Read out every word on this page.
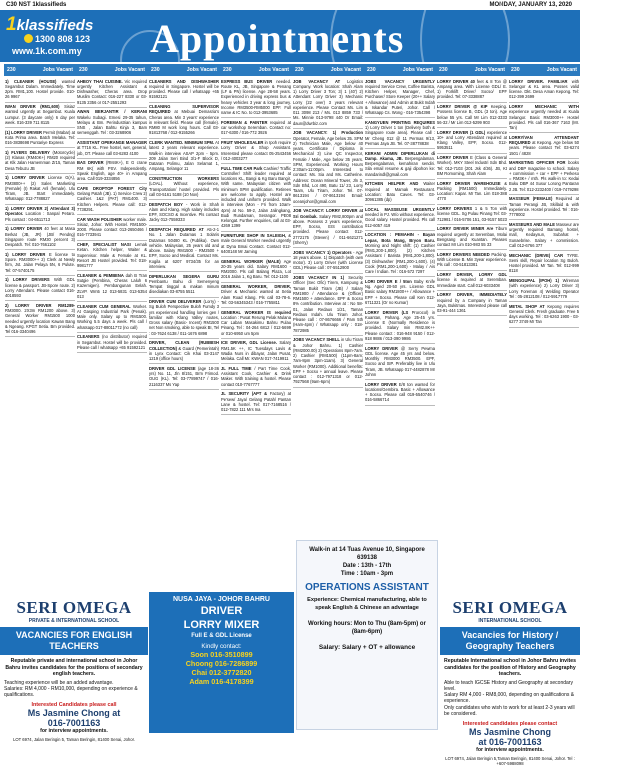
C30 NST 1klassifieds	MONDAY, JANUARY 13, 2020
1klassifieds
1300 808 123
www.1k.com.my Appointments
230	Jobs Vacant
1) CLEANER (HOUSE) wanted Segambut Dalam. Immediately. Time 2pm. RM1,100. Hostel provide. 010-26 9967
IWAN DRIVER (RM1,600) Sisiaz wanted urgently at Segambut. Kuala Lumpur. (3 daycare only) 6 day per week. 016-339 711 8115
(1) LORRY DRIVER Permit (Mabar) at Kota Prima area. Batch Melaka. Tel: 016-3838698 Puntariye Express
1) FLYERS DELIVERY (Motorcycle) (2) Klanas (RM40K+) RM20 required at Klk Jalan Hamemman Zr15, Taman Desa Tebuzu JB
1) LORRY DRIVER License G(A), RM3800++ (2) Sales Marketing (Female) (I) Rakat Aril (female). Ulu Tiram, JB. Start immediately. Whatsapp: 012-7788827
1) LORRY DRIVER 2) Attendant 3) Operator. Location : Sanpal Petaro. Pls contact : 04-6511713
1) LORRY DRIVER 40 feet at Masa Berkat (JB, JR) (JB/ Pendng) Singapore route RM30 percent 3) Despatch. Tel: 010-7661102
1) LORRY DRIVER E license to Spore. RM3000++ 2) Clerk at Newly firm, Jst. Jalan Pelaya 5N, 6 Pulute. Tel: 07-5740175
1) LORRY DRIVERS With GDL license & passport. JB-Spore route. 2) Lorry Attendant. Please contact 016-4018593
2) LORRY DRIVER RM1289- RM3000. 2X3m RM1200 above. 3) General Worker RM1500 1000 needed urgently location Kawan Bang & Ngeang. KPGT Setia. Bm provided. Tel 016-3340496
230	Jobs Vacant
AHBOY THAI CUISINE. Vic required urgently Kitchen Assistant & Dishwasher, Cheras area. Drop Muslim Contact: 016-227 8330 or 03-9135 2356 or 017-2551293
AWAN BERJANTIR / KERANI Wakelu Subagi. Emesi 29-35 tahun, Melayu & Bm. Perindustrian kampus SNS , Jalan Bahtu Kinja 3, Bam semenggah. Tel : 03-3268906
ASSISTANT OPERANGE MANAGER at T716 KL. Free hostel, wet, general, job, OT. Please call 03-6283 4100
BAS DRIVER (RM4K+), E G crane RM 6K( with PSV. Independently. Speak English, age 40+ in Ampang area. Call 019-3334856
CAFE DROPTOP FOREST City Gelang Patah (JB). 1) Service Crew 2) Cashier. 1&2 (PAT) RM1400. 3) Kitchen Helpers. Please call: 012-7738291.
CAR WASH POLISHER worker male. Sisiaz, Johor. With Hostel. RM1500-2000. Please contact 013-2650466 / 016-7733941
CHEF, SPECIALIST NASI Lemak Ketan. Kitchen helper, Waiter & Supervisor. Male & Female at KL. Resort JB Hostel provided. Tel: 018-9981777
CLEANER & PEMBENA dah B Tran Sutgie (Pembina, Cheras Laluh 6 Kazemigen). Pembangunan Eelah. ZLVP. Wm5 12 013-5831 013-5354 013
CLEANER CUM GENERAL Worker. At Gasping Industrial Park (Penak). Male only. Salary up to RM1500. Working 5.5 days a week. Pls call / whatsapp 017-88011772 (no call)
CLEANERS (no distributor) required in Segambut. Hostel will be provided. Please call / whatsapp +65 91592121
230	Jobs Vacant
CLEANERS AND DISHWASHER required in Singapore. Hostel will be provided. Please call / whatsapp +65 91592121
CLEANING SUPERVISOR REQUIRED at Mebuai Demasria's Cheras area. Min 3 years' experience in relevant field. Please call (female). RM80 M work long hours. Call 03-91813768 / 012-9155266
CLERK WANTED. MINIMUM SPM. At latest 2 years relevant experience. Walk-in interview ASAP 2pm - 5pm. 209 Jalan Seri Bind 3/1-F Block D, Dataran Polimu, Jalan Selamat 1, Ampang, Selangor 11
CONSTRUCTION WORKERS (LOAL). Without experience, Transportation/ hostel provided. Pls call 03-5161 5188 (10 Nov)
DESPATCH BOY - Work in Shah Alam and Klang. High salary includes EPF, SOCSO & Incentive. Pls contact Jacky 012-7559333
DESPATCH REQUIRED AT A5-2-1 No. 1 Jalan Dutamas 1 Solaris Dutamas 50480 KL (Publika). Own vehicle. Malaysian, 25 years old and above. Salary RM1500 - RM2500 + EPF, Socso and Medical. Contact Ms. Kogila at 6207 9734/35 for an interview.
DIPERLUKAN SEGERA GURU Pembantu Bahu di Semenyeng Tempat tinggal & makan minum disediakan 03-8755 5511
DRIVER CUM DELIVERER (Lorry) - Sg Buloh Perspective Buloh Fumdy 3 yrs experienced handling lorries gen / familiar with Klang Valley routes, Gross salary (Basic- Incent) RM1500 net Non smoking, able to speak BI, Tel : 03-7624 6138 / 011-1676 6898
DRIVER, CLEAN (RUBBISH COLLECTION) & Guard (Pemerintah) in Lynx Contact: Cik Khai 03-3147 1219 (office hours)
DRIVER GDL LICENSE (age 18-36 yrs) No. 11, Jln 8/151, Brm Frimod. OUG (KL). Tel: 03-77899747 / 016-2116337 Ms Yap
230	Jobs Vacant
EXPRESS BUS DRIVER needed. Route KL, JB, Singapore & Penang (LF & PN) license. Age 28-58 years. Experienced in driving express bus & heavy vehicles 3 year & long journey. Income RM3500-RM5000 EPF. Full name & IC No. to 012-3953685
FOREMAN & PAINTER required at car workshop Seremban. Contact no: 017-6300 / 016-772 3926
FRUIT WHOLESALER in Ipoh require Lorry Driver & Shop Assistant. Interested please contact 05-2543456 / 012-4003277
FULL TIME CAR Park Cashier/ Traffic Controller/ Shift leader required at locations KL, Bangi & Kg Baru Bangir. With same. Malaysian citizen with minimum SPM qualification. Retirees are welcome to apply. Hostel are included and uniform provided. Walk in interview (Mon - Fri from 10am-4pm) at No. 59-2, Jalan Jalingkang, Budi Rundaman, Serangor. PE08 Kelongat. Further enquiries, call at 03-4269 1399
FURNITURE SHOP IN SALEIGH, & male General Worker needed urgently at Dyna Bmai Contact. Contact 012-6400148 Mr Jaming
GENERAL WORKER (MALE) Age 20-35 years old. Salary RM1600 - RM2000. Pls call Balang Plaza, Lot 2016 Jalan 1, Kg Baru. Tel: 012-1100
GENERAL WORKER, DRIVER, Driver & Mechanic wanted at Setia Alam Road Klang. Pls call 03-78-6. Tel: 03-56345343 / 016-7755811
GENERAL WORKER IS required Location : Pusat Rerung Pelak Mulana Car Laban Masakimu Bahru Pulau Pinang. Tel : 04-264 6812 / 012-5699 or 010-6950 um 5pm
ICE DRIVER, GDL License. Salary RM1.5K ++, IC Tuesdays Lavis & Wadia Nurs in dibayar, Jalan Pusat, Melaka. Call Mr. KWAN 017-7419911
JL FULL TIME / Part Time Cook, Assistant Cook, Cashier & Drink Maker. With training & hostel. Please contact 010-7767777
JL SECURITY (APT & Factory) at Pe'sew/ Jaya/ Gelang Patah/ Pantan Lane & hostel. Tel: 017-7168516 / 012-7822 111 Mrs Ina
230	Jobs Vacant
JOB VACANCY AT Logistics Company. Work location: Shah Alam 1) Lorry Driver 3 Ton; 3) 1 (40') 2) Attendant Lorry Driver 3) Mechanic Lorry (22 over) 3 years relevant experience. Please Contact Ms. Lim 011 3098 213 / Ms. 013 8859 733 / Ms. Minnie 013-9798 440 Or Email: daun@dwrbiz.com
JOB VACANCY: 1) Production Operator, Female, Age below 35. SPM 2) Technician Male, Age below 40 years. Certificate / Diploma in Mechanical 3) Line QC Inspector, Female / Male, Age below 35 years. SPM, Experienced. Working Hours 2:30am-11:00pm. Interested to contact: Ms. Sia and Ms. Catherine. Address: Ocean Mineral Tower, Jln 3, Sdn Bhd, Lot 490, Batu 11/ 23, Lorry Taam, Ulu Tiram, Johor. Tel. 07-8613194 / 07-8613194 Email: oceanjohor@gmail.com
JOB VACANCY: LORRY DRIVER at Sri Gombak. Salary RM2,800pm and above. Possess 2 years experience, EPF, Socso, EIS contribution provided. Please contact 012-2772175 (Steven) / 011-6621271 (Sherry)
JOBS VACANCY 1) Operators - Age 18 years above. 1) Dispatch (with own motor). 3) Lorry Driver (with License GDL) Please call : 07-5512900
JOBS VACANCY IN 1) Security Officer (Sec Ofic) Tirem, Kampung & Taman Bukit Tiram (JB) / Salary RM1900 / Attendance & (Officer) RM1500 + attendance. EPF & Socso 8% contribution. Interview at : No 58-01, Jalan Redaus 1/21, Taman Redaus Indah. Ulu Tiram Johor. Please call : 07-8676666 / Pam 5th (Ham-4pm) / Whatsapp only : 018-7872985
JOBS VACANCY SHELL in Ulu Tiram & Johor Bahru. 1) Cashier (RM2000.00) 2) Operations 8pm-7am. 2) Cashier (RM1500) (11pm-8am; 7am-8pm 3pm-11am). 3) General Worker (RM1000). Additional benefits: EPF + Socso + annual leave. Please contact : 012-7971318 or 012-7927568 (9am-6pm)
230	Jobs Vacant
JOBS VACANCY URGENTLY required Service Crew, Coffee Barista, Kitchen Helper, Manager, Chef, Purchaser/ Store Keeper (20++ Salary + Allowance) and Admin at Bukit Indah & Iskandar Puteri, Johor. Call / Whatsapp Cs. Wong - 016-7354398
KANGYUEN PRINTING REQUIRES 1) Lorry Driver 1 ton (Delivery both & Singapore route area). Please call : Mr Cheng 012 @ 11 Permas 9/13, Permas Jaya JB. Tel. 07-38778838
KERANI ADMIN DIPERLUKAN di Damp. Akama, JB. Berpengalaman. Berpengalaman, kemahiran sendiri. Sila email resume & gaji dipohon ke: mandarindl@gmail.com
KITCHEN HELPER AND Waiter required at Mamak Restaurant. Location: Batu Caves. Tel: 03-30961385 (dp)
LOCAL MASSEUSE URGENTLY needed in PJ. W/o without experience. Good salary. Hostel provided. Pls call 012-6057 419
LOCATION : PEMAHIN - Bayan Lepas, Bota Mang, Bryon Baru. Morning and Night shift: (1) Cashier (RM1,200-1,800). (2) Kitchen Assistant / Barista (RM1,200-1,800). (3) Dishwasher (RM1,200-1,600). (4) Cook (RM1,200-1,600) - Malay / Ais Care / Indian. Tel : 016-572 7297
LORI DRIVER E / 5ton Baby Knife Ng. Aged 20-50 yrs. License GDL Basic salary RM1800++ / Allowance + EPF + Socso. Please call Ken 012-6711321 (Or no Kumar)
LORRY DRIVER (LS Prorocol) in Kuantan, Pahang. Age 25-45 yrs. License E (Normally Residence is provided. Salary min RM2.8K++ Please contact : 016-948 9150 / 012-918 9886 / 013-390 9986
LORRY DRIVER @ Serry Pewma GDL license. Age 45 yrs and below. Monthly RM3000 RM3500. EPF, Socso and SIP. Preferably live in Ulu Tiram, JB. Whatsapp 017-4482878 Mr Johnn
LORRY DRIVER E/8 ton wanted for locations/Gembira. Basic + Allowance + Socso. Please call 019-5540746 / 016-5866714
230	Jobs Vacant
LORRY DRIVER 40 feet & 8 Ton @ Ampang area. With License GDL/ E. 1) Forklift Driver/ Socso/ EPF provided. Tel: 07-3338887
LORRY DRIVER @ KIP Keeping. Possess license B, GDL (3 ton). Age below 55 yrs. Call Mr Lim 012-3333 56-32 / Mr Lim 012-5299 903
LORRY DRIVER (1 GDL) experience 10+ and Lorry Attendant required at Klang Valley, EPF, Socso. 012-5953511
LORRY DRIVER E (Class & General Worker). MKY Steel Industri Sdn Bhd. Tel: 012-7103 (201 Jsk 4/36). JB, Kt BM Romoming, Shah Alam
LORRY DRIVER WAREHOUSE & Packing (RM1500) Immediately. Location: Kapar. Mr Tan. Lim 018-388 4770
LORRY DRIVERS 1 & 5 Ton with license GDL. Sg Pulau Pinang Tel: 03-712981 / 016-5706 151, 03-9157 5023
LORRY DRIVER MINER Are Tiburn required urgently at Seremban, Molai Bengsang and Kuantan. Pleases contact Mr Lim 010-983 55 33
LORRY DRIVERS NEEDED Packing. With License B. Min 3year experience. Pls call : 03-51813381
LORRY DRIVER, LORRY GDL license is required at Seremban. Immediate start. Call 012-6033408
LORRY DRIVER, IMMEDIATELY required by a Company in Taman Jaya, Bukitmas. Interested please call 03-91-444 1361
230	Jobs Vacant
LORRY DRIVER. FAMILIAR with Selangor & KL area. Posses valid license. Dkt. Desa Aman Kepong. Tel: 012-399 2699
LORRY MECHANIC WITH experience urgently needed at Kuala Selangor. Basic RM3000++ Hostel provided. Pls call 016-367 7163 (Mr. Tan)
LORRY/VAN ATTENDANT REQUIRED at Kepong. Age below 50 years. Please contact Tel: 03-6274 1501 / 4828
MARKETING OFFICER FOR books and DBP magazine to school. Salary + commission + car + EPF + Perkeso = RM3K+ / mth. Pls walk-in to: Kedai Buku DBP 44 Susur Lorong Pantaran 2 JB. Tel: 012-2232400 / 019-7479298
MASSEUR (FEMALE) Required at Taman Perangi JB, Skillaid & with experience. Hostel provided. Tel : 016-7778002
MASSEURS AND MALE Masseur are urgently required Bamang hostel, mall, Kedaysun, Subahat + Sunaebrise. Salary + commission. Call 012-6766 377
MECHANIC (DRIVE) CAR TYRE. Semi skill, Repair location Sg Buloh. Hostel provided. Mr Tan. Tel: 012-999 8118
MENGGUPAL (IPOH) 1) Wireman (with experience) 2) Lorry Driver 3) Lorry Foreman 4) Welding Operator Tel : 05-2812108 / 012-5917779
METAL SHOP AT Kepong requires General Clerk. Fresh graduate. Free 5 days working. Tel : 03-6263 1900 - 03-6277 3749 Mr Tan
Walk-in at 14 Tuas Avenue 10, Singapore 639138
Date : 13th - 17th
Time : 10am - 3pm
OPERATIONS ASSISTANT
Experience: Chemical manufacturing, able to speak English & Chinese an advantage
Working hours: Mon to Thu (8am-5pm) or (8am-6pm)
Salary: Salary + OT + allowance
SERI OMEGA
PRIVATE & INTERNATIONAL SCHOOL
VACANCIES FOR ENGLISH TEACHERS
Reputable private and international school in Johor Bahru invites candidates for the positions of secondary english teachers.
Teaching experience will be an added advantage.
Salaries: RM 4,000 - RM10,000, depending on experience & qualifications.
Interested Candidates please call
Ms Jasmine Chong at
016-7001163
for interview appointments.
LOT 6974, Jalan Beringin 5, Taman Beringin, 81400 Senai, Johor.
NUSA JAYA - JOHOR BAHRU
DRIVER
LORRY MIXER
Full E & GDL License
Kindly contact:
Soon 016-3510899
Choong 016-7286899
Chai 012-3772820
Adam 016-4178399
SERI OMEGA
INTERNATIONAL SCHOOL
Vacancies for History / Geography Teachers
Reputable International school in Johor Bahru invites candidates for the position of History and Geography teachers.
Able to teach IGCSE History and Geography at secondary level.
Salary RM 4,000 - RM8,000, depending on qualifications & experience.
Only candidates who wish to work for at least 2-3 years will be considered.
Interested candidates please contact
Ms Jasmine Chong
at 016-7001163
for interview appointments.
LOT 6974, Jalan Beringin 5,Taman Beringin, 81400 Senai, Johor. Tel : +607-5988098
